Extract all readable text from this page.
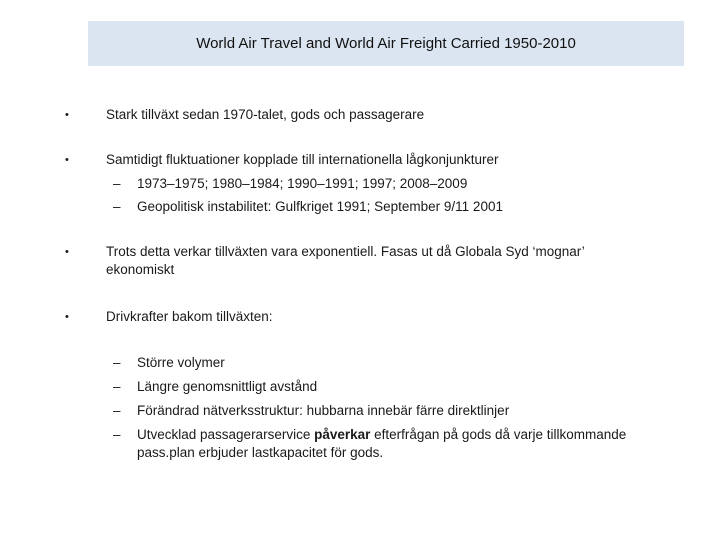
World Air Travel and World Air Freight Carried 1950-2010
•	Stark tillväxt sedan 1970-talet, gods och passagerare
•	Samtidigt fluktuationer kopplade till internationella lågkonjunkturer
– 1973–1975; 1980–1984; 1990–1991; 1997; 2008–2009
– Geopolitisk instabilitet: Gulfkriget 1991; September 9/11 2001
•	Trots detta verkar tillväxten vara exponentiell. Fasas ut då Globala Syd ‘mognar’
ekonomiskt
•	Drivkrafter bakom tillväxten:
– Större volymer
– Längre genomsnittligt avstånd
– Förändrad nätverksstruktur: hubbarna innebär färre direktlinjer
– Utvecklad passagerarservice påverkar efterfrågan på gods då varje tillkommande
pass.plan erbjuder lastkapacitet för gods.
